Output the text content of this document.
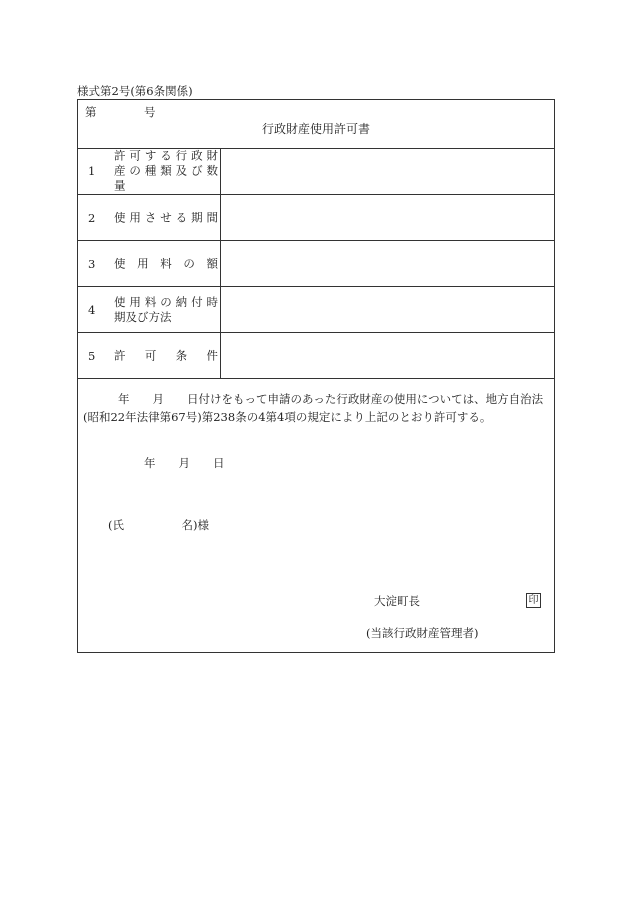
様式第2号(第6条関係)
第	号
行政財産使用許可書
1
許可する行政財
産の種類及び数
量
2 使用させる期間
3 使 用 料 の 額
4
使用料の納付時
期及び方法
5 許 可 条 件
年　　月　　日付けをもって申請のあった行政財産の使用については、地方自治法
(昭和22年法律第67号)第238条の4第4項の規定により上記のとおり許可する。
年　　月　　日
(氏　　　　　名)様
大淀町長	印
(当該行政財産管理者)
